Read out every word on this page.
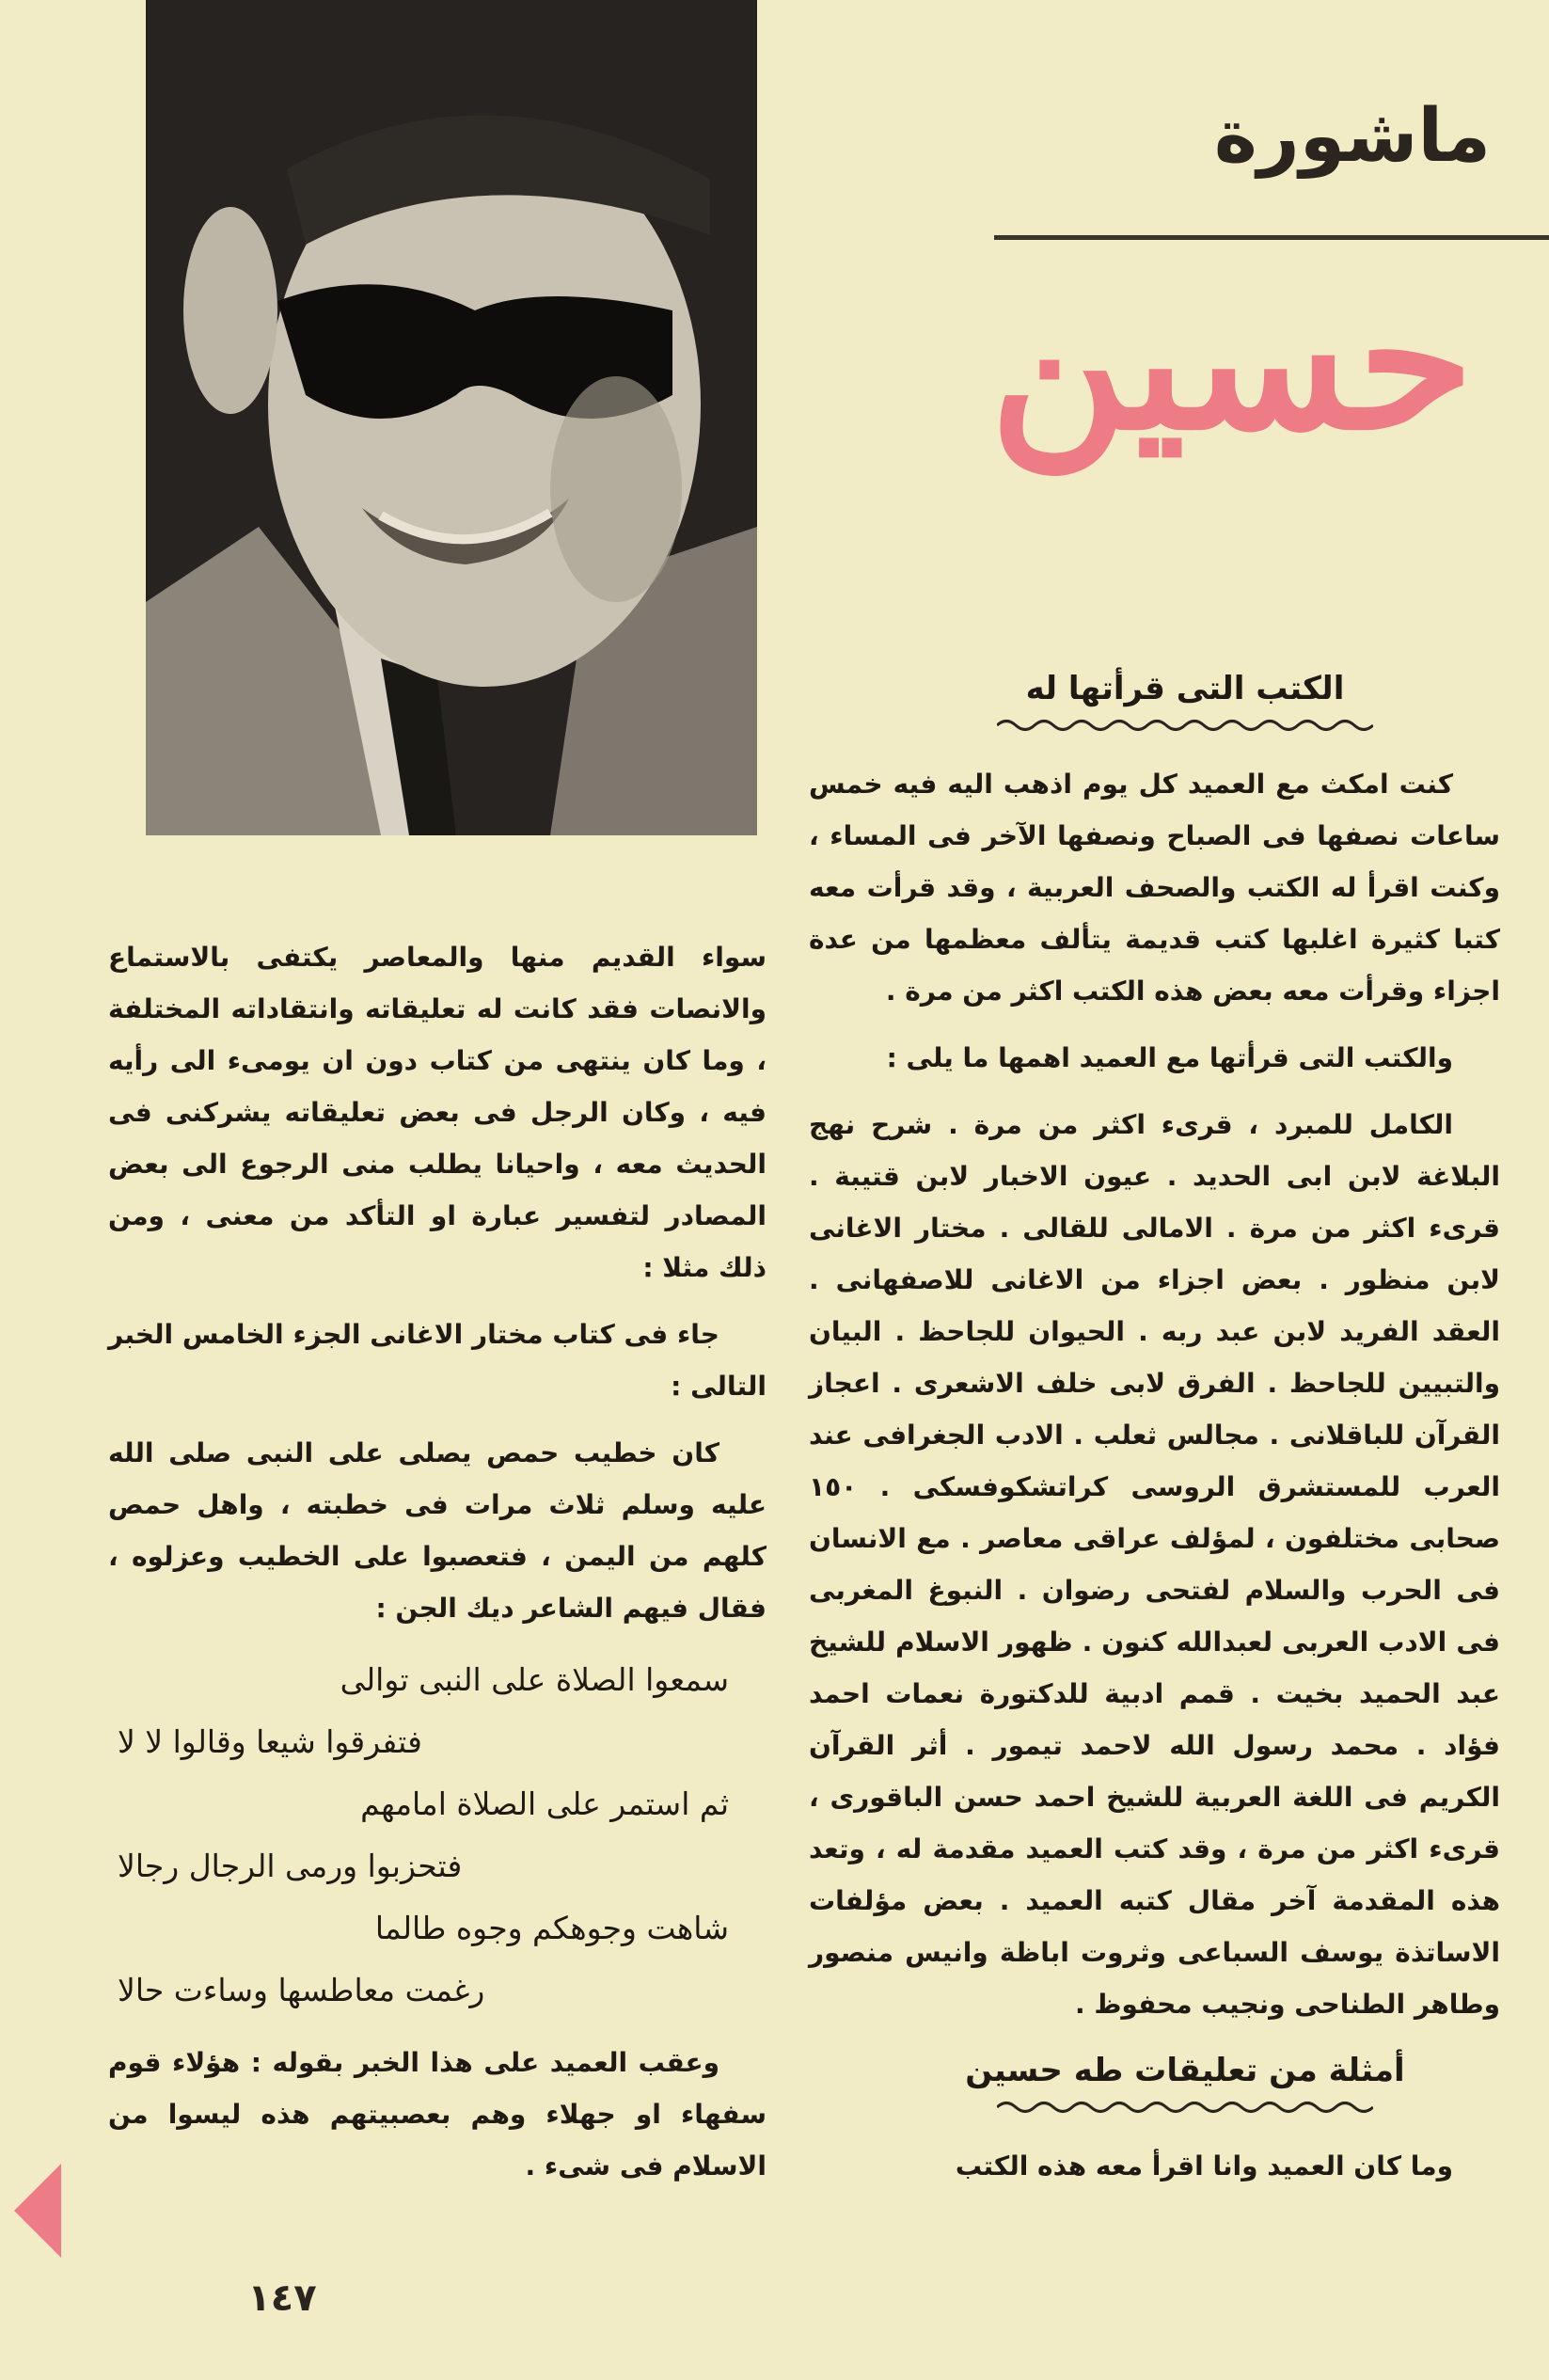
ماشورة
حسين
الكتب التى قرأتها له

كنت امكث مع العميد كل يوم اذهب اليه فيه خمس ساعات نصفها فى الصباح ونصفها الآخر فى المساء ، وكنت اقرأ له الكتب والصحف العربية ، وقد قرأت معه كتبا كثيرة اغلبها كتب قديمة يتألف معظمها من عدة اجزاء وقرأت معه بعض هذه الكتب اكثر من مرة .

والكتب التى قرأتها مع العميد اهمها ما يلى :

الكامل للمبرد ، قرىء اكثر من مرة . شرح نهج البلاغة لابن ابى الحديد . عيون الاخبار لابن قتيبة . قرىء اكثر من مرة . الامالى للقالى . مختار الاغانى لابن منظور . بعض اجزاء من الاغانى للاصفهانى . العقد الفريد لابن عبد ربه . الحيوان للجاحظ . البيان والتبيين للجاحظ . الفرق لابى خلف الاشعرى . اعجاز القرآن للباقلانى . مجالس ثعلب . الادب الجغرافى عند العرب للمستشرق الروسى كراتشكوفسكى . ١٥٠ صحابى مختلفون ، لمؤلف عراقى معاصر . مع الانسان فى الحرب والسلام لفتحى رضوان . النبوغ المغربى فى الادب العربى لعبدالله كنون . ظهور الاسلام للشيخ عبد الحميد بخيت . قمم ادبية للدكتورة نعمات احمد فؤاد . محمد رسول الله لاحمد تيمور . أثر القرآن الكريم فى اللغة العربية للشيخ احمد حسن الباقورى ، قرىء اكثر من مرة ، وقد كتب العميد مقدمة له ، وتعد هذه المقدمة آخر مقال كتبه العميد . بعض مؤلفات الاساتذة يوسف السباعى وثروت اباظة وانيس منصور وطاهر الطناحى ونجيب محفوظ .

أمثلة من تعليقات طه حسين

وما كان العميد وانا اقرأ معه هذه الكتب

سواء القديم منها والمعاصر يكتفى بالاستماع والانصات فقد كانت له تعليقاته وانتقاداته المختلفة ، وما كان ينتهى من كتاب دون ان يومىء الى رأيه فيه ، وكان الرجل فى بعض تعليقاته يشركنى فى الحديث معه ، واحيانا يطلب منى الرجوع الى بعض المصادر لتفسير عبارة او التأكد من معنى ، ومن ذلك مثلا :

جاء فى كتاب مختار الاغانى الجزء الخامس الخبر التالى :

كان خطيب حمص يصلى على النبى صلى الله عليه وسلم ثلاث مرات فى خطبته ، واهل حمص كلهم من اليمن ، فتعصبوا على الخطيب وعزلوه ، فقال فيهم الشاعر ديك الجن :

سمعوا الصلاة على النبى توالى
فتفرقوا شيعا وقالوا لا لا
ثم استمر على الصلاة امامهم
فتحزبوا ورمى الرجال رجالا
شاهت وجوهكم وجوه طالما
رغمت معاطسها وساءت حالا

وعقب العميد على هذا الخبر بقوله : هؤلاء قوم سفهاء او جهلاء وهم بعصبيتهم هذه ليسوا من الاسلام فى شىء .

١٤٧
